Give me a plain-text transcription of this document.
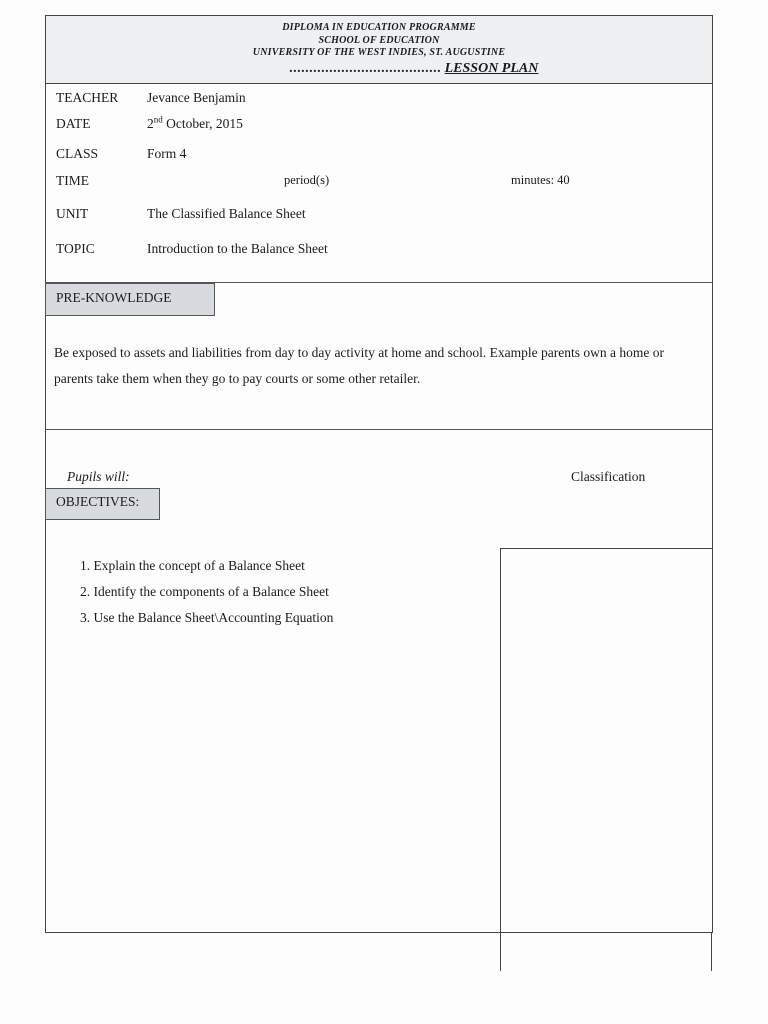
DIPLOMA IN EDUCATION PROGRAMME
SCHOOL OF EDUCATION
UNIVERSITY OF THE WEST INDIES, ST. AUGUSTINE
...................................... LESSON PLAN
TEACHER Jevance Benjamin
DATE	2nd October, 2015
CLASS	Form 4
TIME	period(s)	minutes: 40
UNIT	The Classified Balance Sheet
TOPIC	Introduction to the Balance Sheet
PRE-KNOWLEDGE
Be exposed to assets and liabilities from day to day activity at home and school. Example parents own a home or parents take them when they go to pay courts or some other retailer.
Pupils will:	Classification
OBJECTIVES:
1. Explain the concept of a Balance Sheet
2. Identify the components of a Balance Sheet
3. Use the Balance Sheet\Accounting Equation
